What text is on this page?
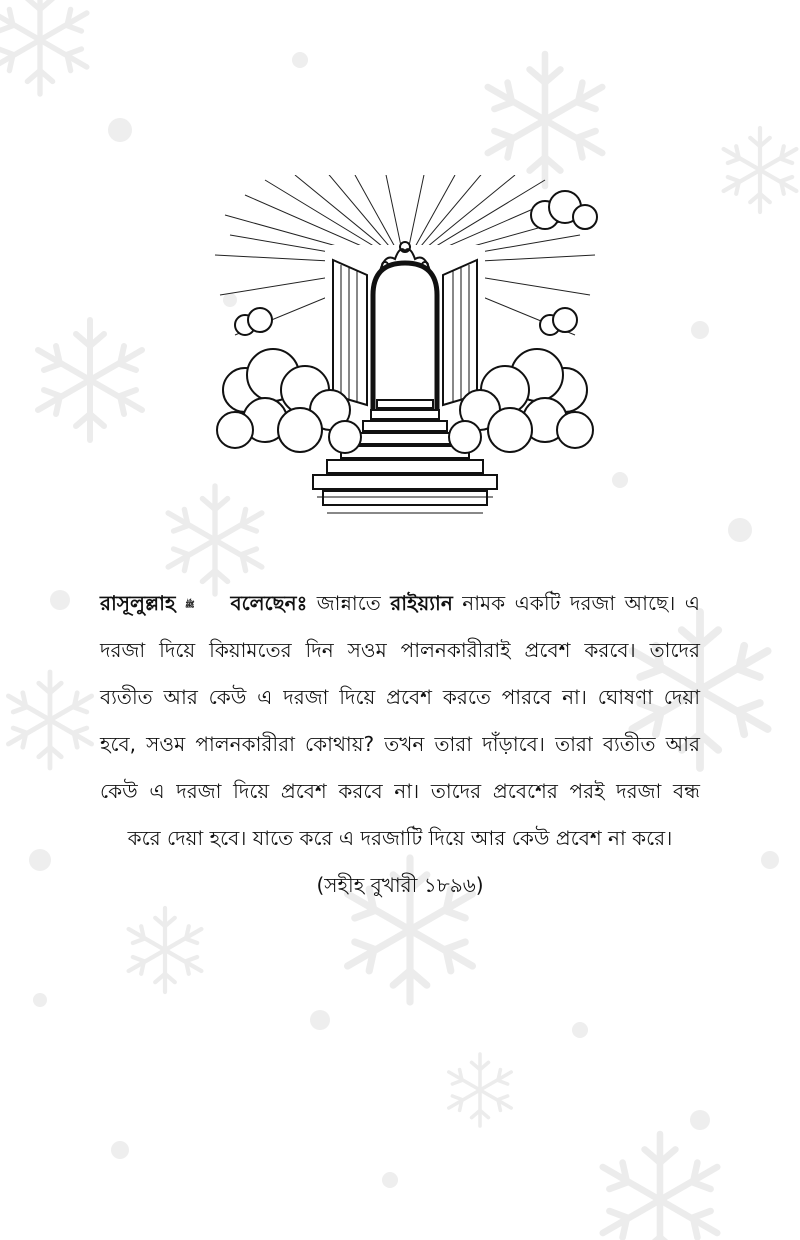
রাসূলুল্লাহ ﷺ বলেছেনঃ জান্নাতে রাইয়্যান নামক একটি দরজা আছে। এ
দরজা দিয়ে কিয়ামতের দিন সওম পালনকারীরাই প্রবেশ করবে। তাদের
ব্যতীত আর কেউ এ দরজা দিয়ে প্রবেশ করতে পারবে না। ঘোষণা দেয়া
হবে, সওম পালনকারীরা কোথায়? তখন তারা দাঁড়াবে। তারা ব্যতীত আর
কেউ এ দরজা দিয়ে প্রবেশ করবে না। তাদের প্রবেশের পরই দরজা বন্ধ
করে দেয়া হবে। যাতে করে এ দরজাটি দিয়ে আর কেউ প্রবেশ না করে।
(সহীহ বুখারী ১৮৯৬)
